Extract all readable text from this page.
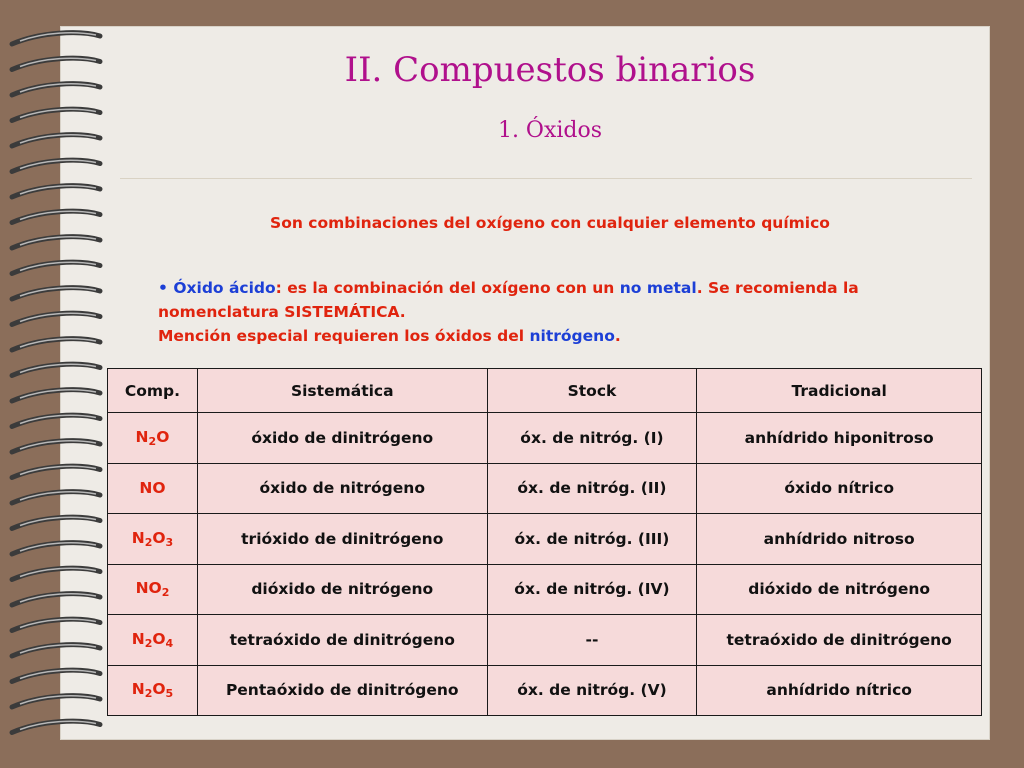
II. Compuestos binarios
1. Óxidos
Son combinaciones del oxígeno con cualquier elemento químico
• Óxido ácido: es la combinación del oxígeno con un no metal. Se recomienda la nomenclatura SISTEMÁTICA.
Mención especial requieren los óxidos del nitrógeno.
Comp.	Sistemática	Stock	Tradicional
$N_2O$	óxido de dinitrógeno	óx. de nitróg. (I)	anhídrido hiponitroso
NO	óxido de nitrógeno	óx. de nitróg. (II)	óxido nítrico
$N_2O_3$	trióxido de dinitrógeno	óx. de nitróg. (III)	anhídrido nitroso
$NO_2$	dióxido de nitrógeno	óx. de nitróg. (IV)	dióxido de nitrógeno
$N_2O_4$	tetraóxido de dinitrógeno	--	tetraóxido de dinitrógeno
$N_2O_5$	Pentaóxido de dinitrógeno	óx. de nitróg. (V)	anhídrido nítrico
